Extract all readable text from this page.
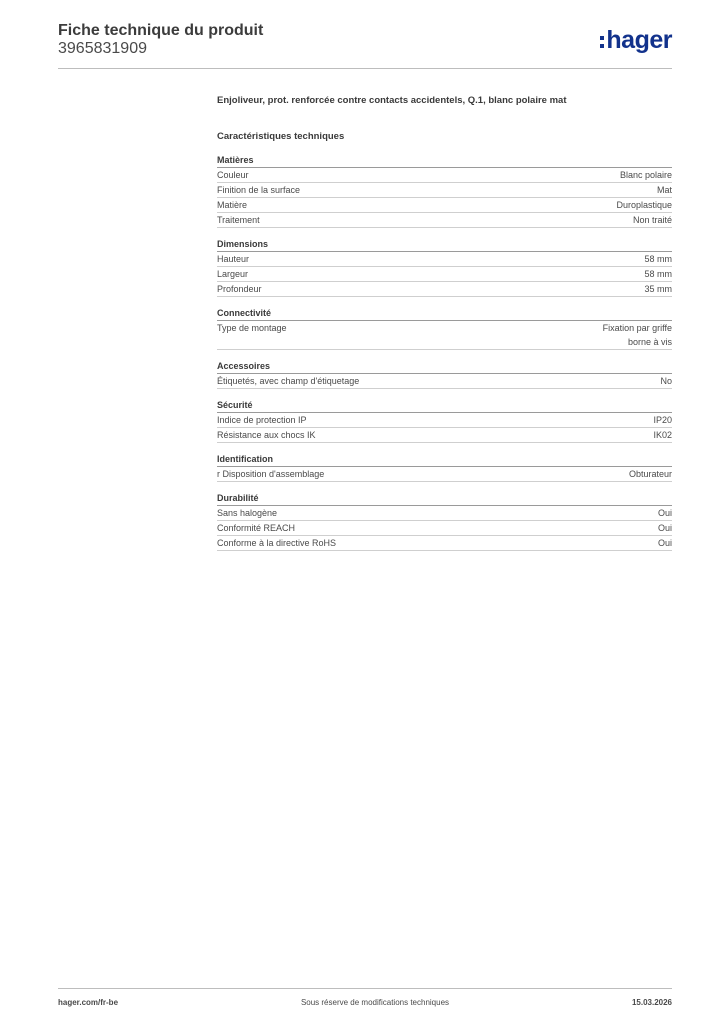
Fiche technique du produit
3965831909	hager
Enjoliveur, prot. renforcée contre contacts accidentels, Q.1, blanc polaire mat
Caractéristiques techniques
Matières
Couleur	Blanc polaire
Finition de la surface	Mat
Matière	Duroplastique
Traitement	Non traité
Dimensions
Hauteur	58 mm
Largeur	58 mm
Profondeur	35 mm
Connectivité
Type de montage	Fixation par griffe
borne à vis
Accessoires
Étiquetés, avec champ d'étiquetage	No
Sécurité
Indice de protection IP	IP20
Résistance aux chocs IK	IK02
Identification
r Disposition d'assemblage	Obturateur
Durabilité
Sans halogène	Oui
Conformité REACH	Oui
Conforme à la directive RoHS	Oui
hager.com/fr-be	Sous réserve de modifications techniques	15.03.2026
